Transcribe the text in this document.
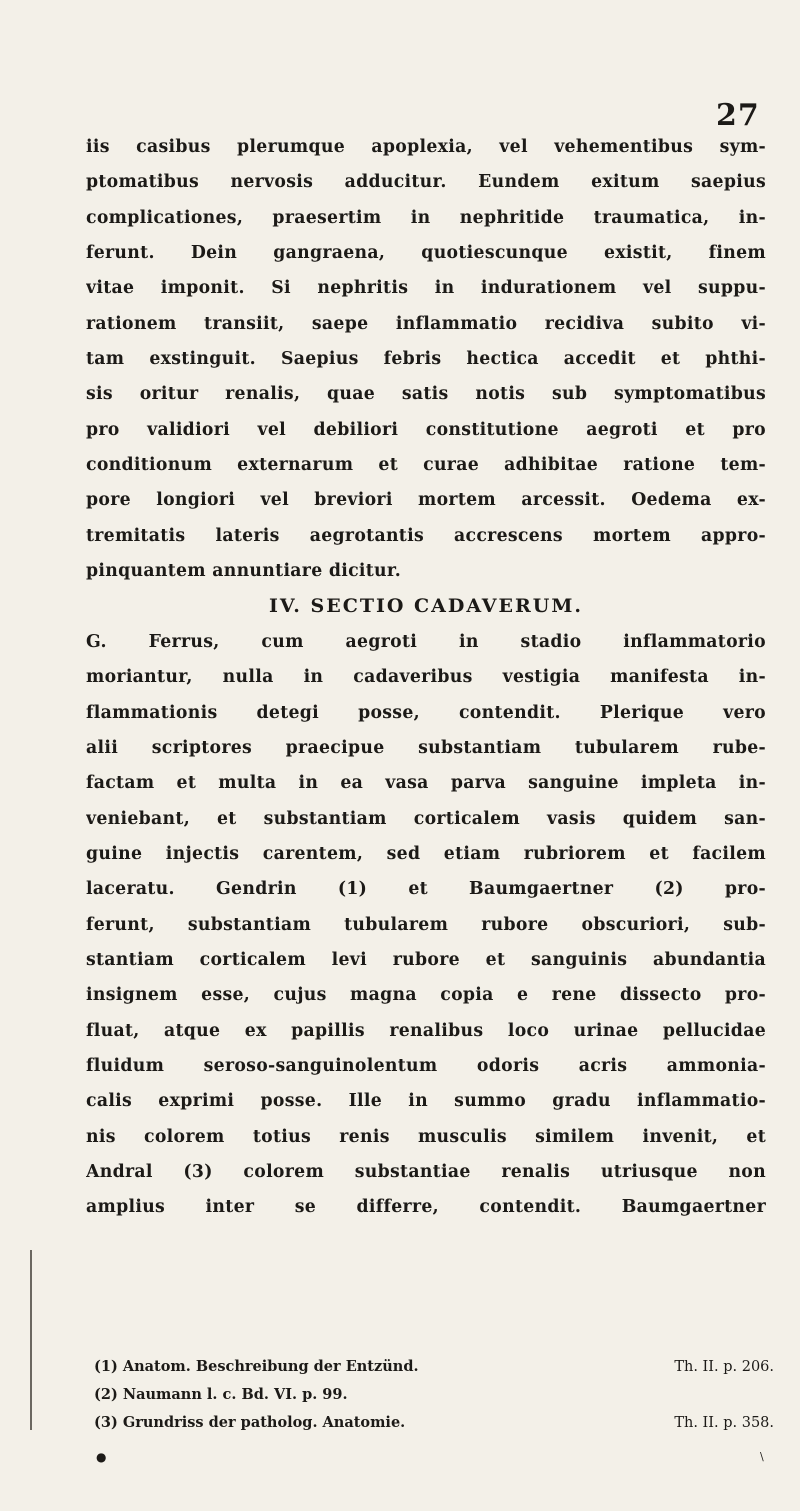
27
iis casibus plerumque apoplexia, vel vehementibus sym-
ptomatibus nervosis adducitur. Eundem exitum saepius
complicationes, praesertim in nephritide traumatica, in-
ferunt. Dein gangraena, quotiescunque existit, finem
vitae imponit. Si nephritis in indurationem vel suppu-
rationem transiit, saepe inflammatio recidiva subito vi-
tam exstinguit. Saepius febris hectica accedit et phthi-
sis oritur renalis, quae satis notis sub symptomatibus
pro validiori vel debiliori constitutione aegroti et pro
conditionum externarum et curae adhibitae ratione tem-
pore longiori vel breviori mortem arcessit. Oedema ex-
tremitatis lateris aegrotantis accrescens mortem appro-
pinquantem annuntiare dicitur.
IV. SECTIO CADAVERUM.
G. Ferrus, cum aegroti in stadio inflammatorio
moriantur, nulla in cadaveribus vestigia manifesta in-
flammationis detegi posse, contendit. Plerique vero
alii scriptores praecipue substantiam tubularem rube-
factam et multa in ea vasa parva sanguine impleta in-
veniebant, et substantiam corticalem vasis quidem san-
guine injectis carentem, sed etiam rubriorem et facilem
laceratu. Gendrin (1) et Baumgaertner (2) pro-
ferunt, substantiam tubularem rubore obscuriori, sub-
stantiam corticalem levi rubore et sanguinis abundantia
insignem esse, cujus magna copia e rene dissecto pro-
fluat, atque ex papillis renalibus loco urinae pellucidae
fluidum seroso-sanguinolentum odoris acris ammonia-
calis exprimi posse. Ille in summo gradu inflammatio-
nis colorem totius renis musculis similem invenit, et
Andral (3) colorem substantiae renalis utriusque non
amplius inter se differre, contendit. Baumgaertner
(1) Anatom. Beschreibung der Entzünd.	Th. II. p. 206.
(2) Naumann l. c. Bd. VI. p. 99.
(3) Grundriss der patholog. Anatomie.	Th. II. p. 358.
●	\
